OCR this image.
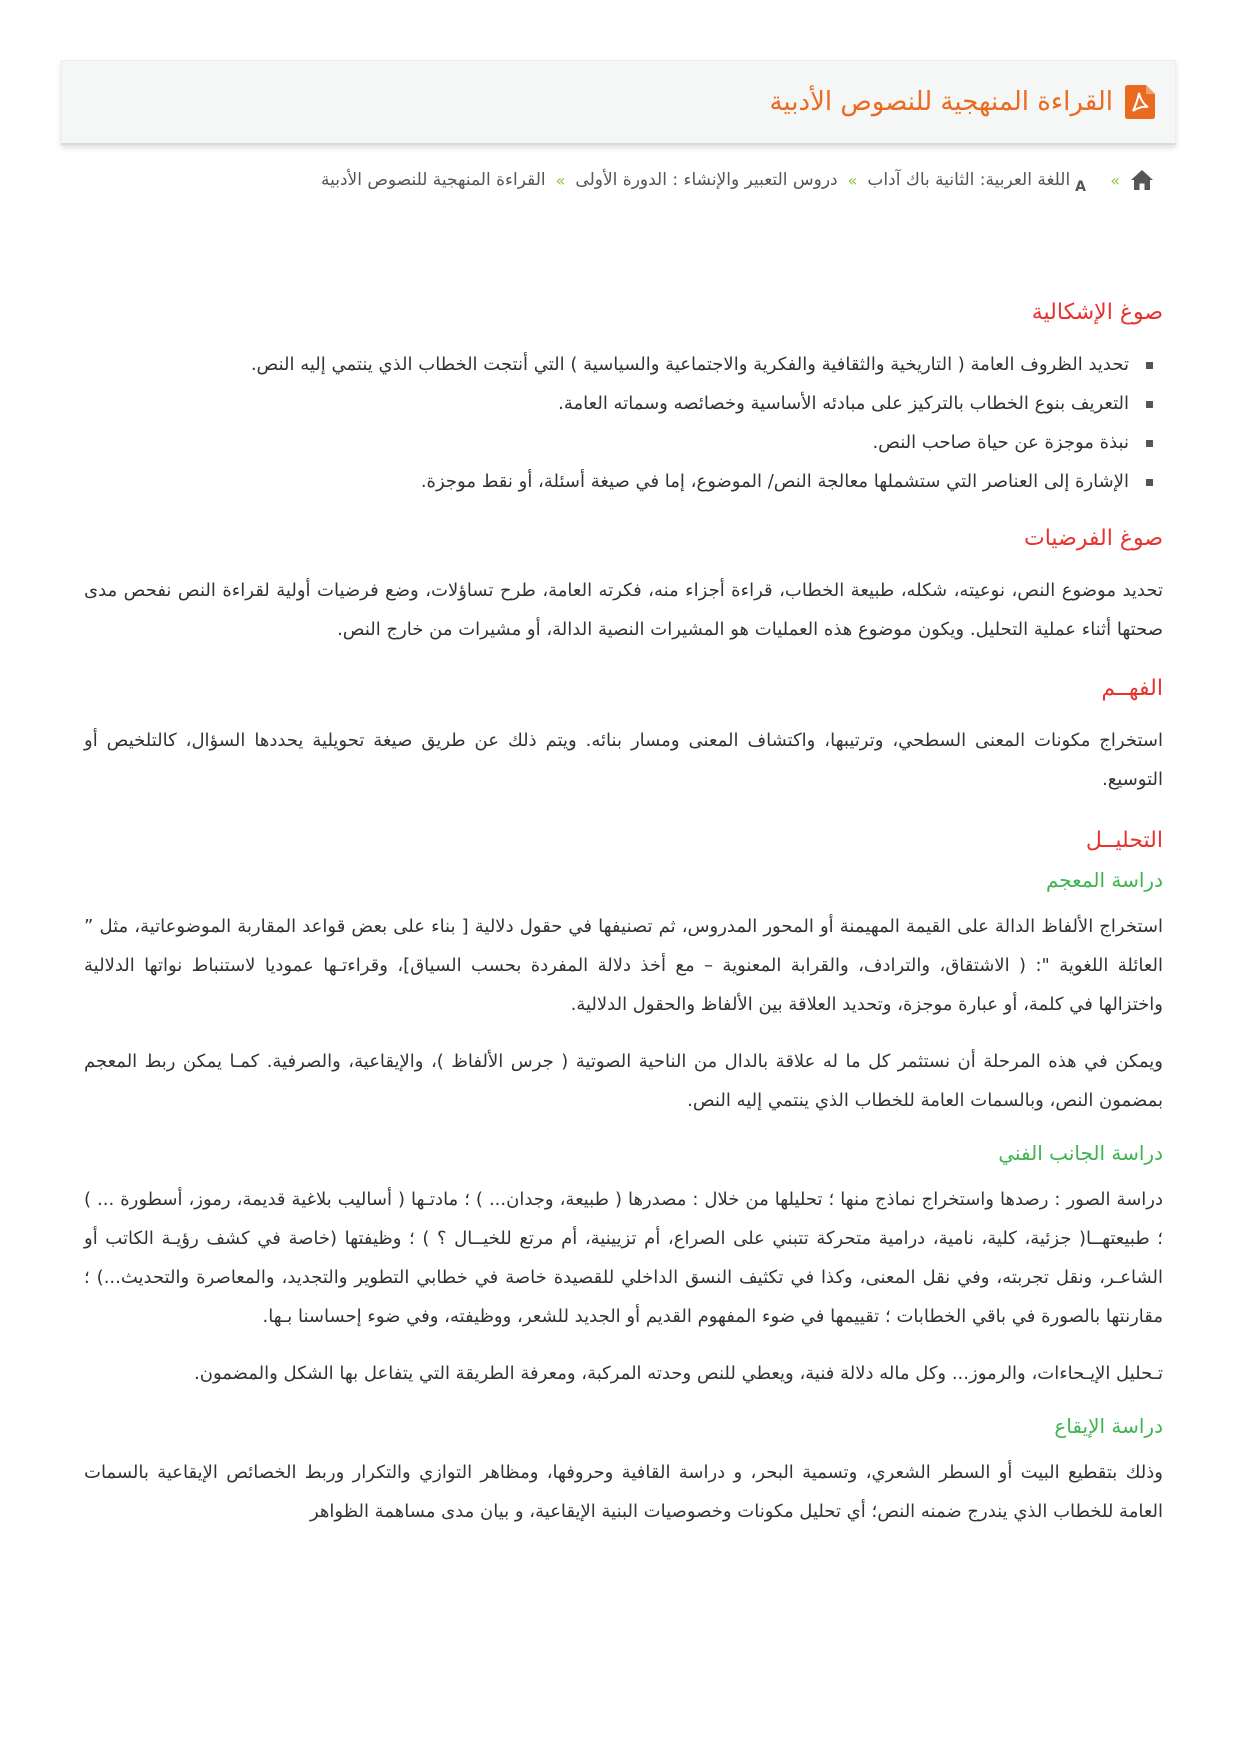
القراءة المنهجية للنصوص الأدبية
»
A
اللغة العربية: الثانية باك آداب
»
دروس التعبير والإنشاء : الدورة الأولى
»
القراءة المنهجية للنصوص الأدبية
صوغ الإشكالية
تحديد الظروف العامة ( التاريخية والثقافية والفكرية والاجتماعية والسياسية ) التي أنتجت الخطاب الذي ينتمي إليه النص.
التعريف بنوع الخطاب بالتركيز على مبادئه الأساسية وخصائصه وسماته العامة.
نبذة موجزة عن حياة صاحب النص.
الإشارة إلى العناصر التي ستشملها معالجة النص/ الموضوع، إما في صيغة أسئلة، أو نقط موجزة.
صوغ الفرضيات

تحديد موضوع النص، نوعيته، شكله، طبيعة الخطاب، قراءة أجزاء منه، فكرته العامة، طرح تساؤلات، وضع فرضيات أولية لقراءة النص نفحص مدى صحتها أثناء عملية التحليل. ويكون موضوع هذه العمليات هو المشيرات النصية الدالة، أو مشيرات من خارج النص.

الفهــم

استخراج مكونات المعنى السطحي، وترتيبها، واكتشاف المعنى ومسار بنائه. ويتم ذلك عن طريق صيغة تحويلية يحددها السؤال، كالتلخيص أو التوسيع.

التحليــل
دراسة المعجم

استخراج الألفاظ الدالة على القيمة المهيمنة أو المحور المدروس، ثم تصنيفها في حقول دلالية [ بناء على بعض قواعد المقاربة الموضوعاتية، مثل ” العائلة اللغوية ": ( الاشتقاق، والترادف، والقرابة المعنوية – مع أخذ دلالة المفردة بحسب السياق]، وقراءتـها عموديا لاستنباط نواتها الدلالية واختزالها في كلمة، أو عبارة موجزة، وتحديد العلاقة بين الألفاظ والحقول الدلالية.

ويمكن في هذه المرحلة أن نستثمر كل ما له علاقة بالدال من الناحية الصوتية ( جرس الألفاظ )، والإيقاعية، والصرفية. كمـا يمكن ربط المعجم بمضمون النص، وبالسمات العامة للخطاب الذي ينتمي إليه النص.

دراسة الجانب الفني

دراسة الصور : رصدها واستخراج نماذج منها ؛ تحليلها من خلال : مصدرها ( طبيعة، وجدان... ) ؛ مادتـها ( أساليب بلاغية قديمة، رموز، أسطورة ... ) ؛ طبيعتهــا( جزئية، كلية، نامية، درامية متحركة تتبني على الصراع، أم تزيينية، أم مرتع للخيــال ؟ ) ؛ وظيفتها (خاصة في كشف رؤيـة الكاتب أو الشاعـر، ونقل تجربته، وفي نقل المعنى، وكذا في تكثيف النسق الداخلي للقصيدة خاصة في خطابي التطوير والتجديد، والمعاصرة والتحديث...) ؛ مقارنتها بالصورة في باقي الخطابات ؛ تقييمها في ضوء المفهوم القديم أو الجديد للشعر، ووظيفته، وفي ضوء إحساسنا بـها.

تـحليل الإيـحاءات، والرموز... وكل ماله دلالة فنية، ويعطي للنص وحدته المركبة، ومعرفة الطريقة التي يتفاعل بها الشكل والمضمون.

دراسة الإيقاع

وذلك بتقطيع البيت أو السطر الشعري، وتسمية البحر، و دراسة القافية وحروفها، ومظاهر التوازي والتكرار وربط الخصائص الإيقاعية بالسمات العامة للخطاب الذي يندرج ضمنه النص؛ أي تحليل مكونات وخصوصيات البنية الإيقاعية، و بيان مدى مساهمة الظواهر
